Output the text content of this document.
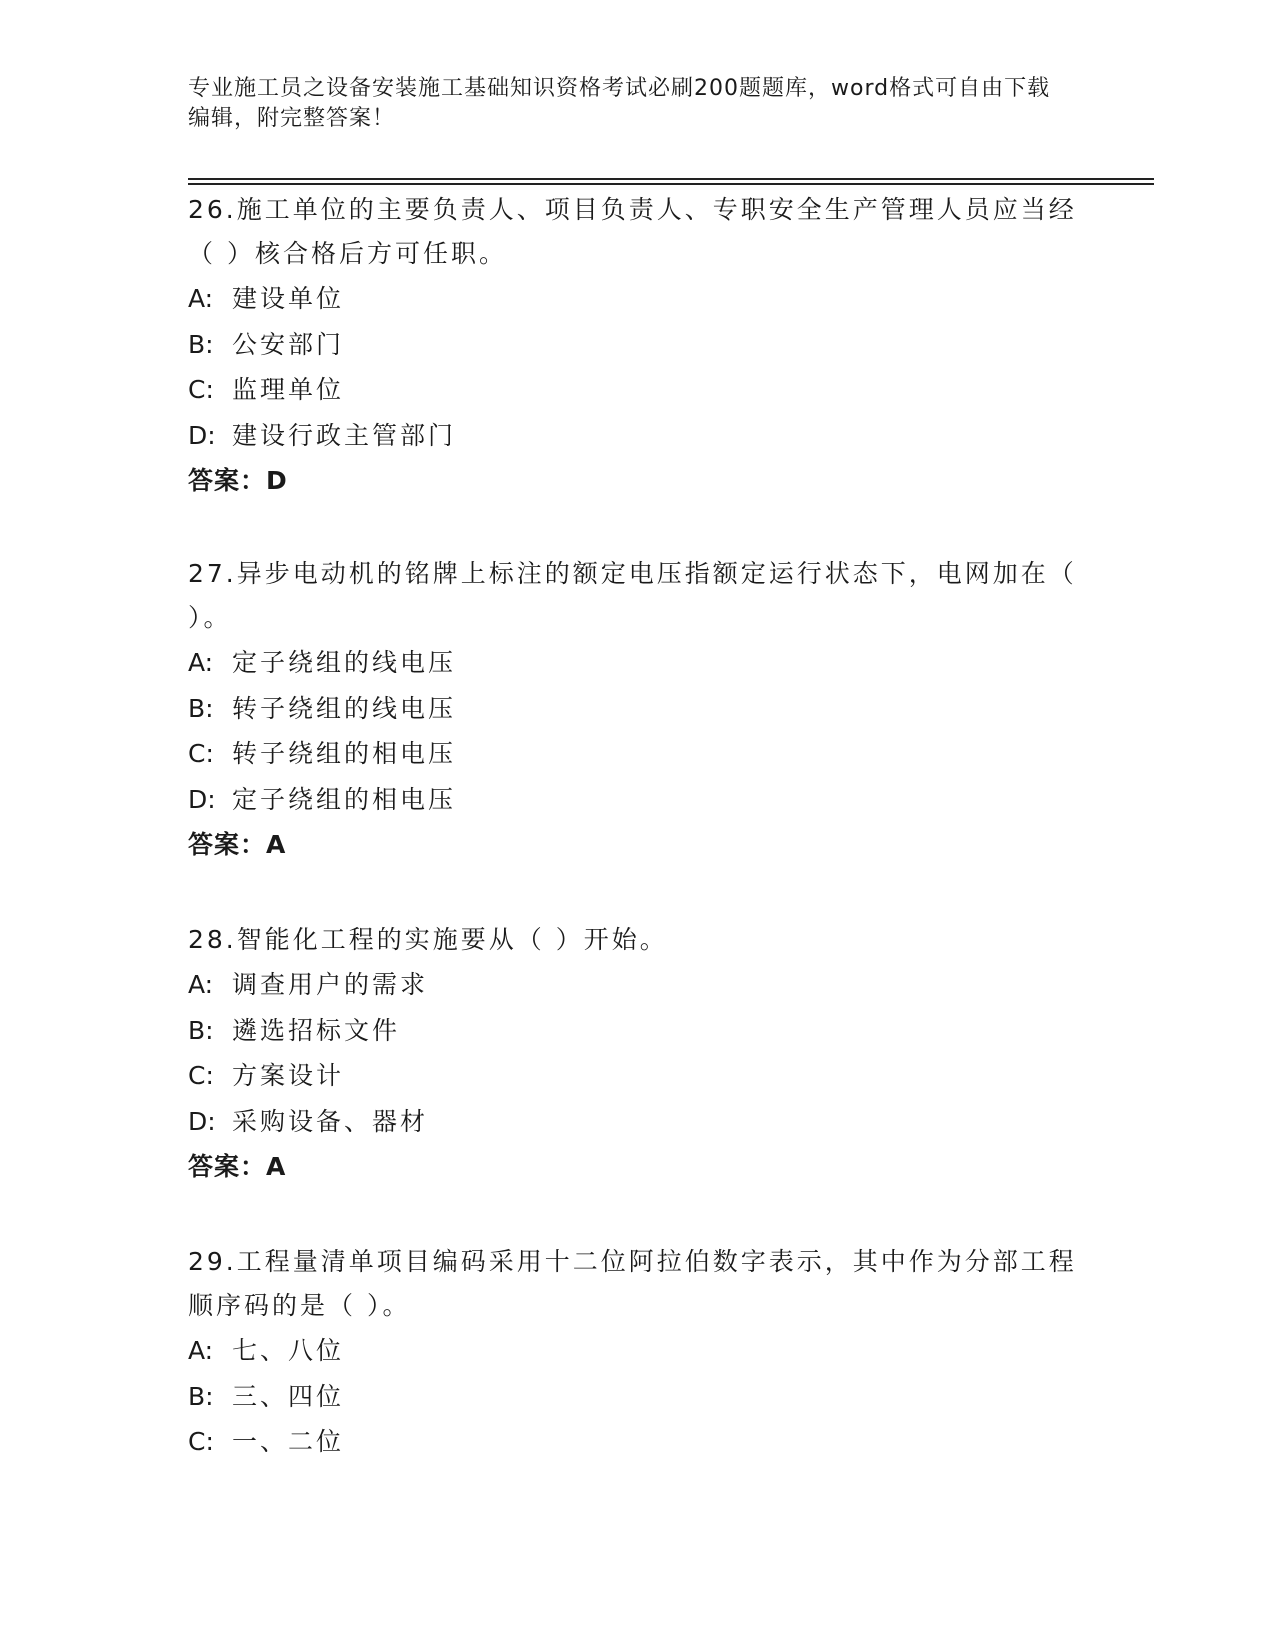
专业施工员之设备安装施工基础知识资格考试必刷200题题库，word格式可自由下载编辑，附完整答案！

26.施工单位的主要负责人、项目负责人、专职安全生产管理人员应当经（ ）核合格后方可任职。

A: 建设单位

B: 公安部门

C: 监理单位

D: 建设行政主管部门

答案：D

27.异步电动机的铭牌上标注的额定电压指额定运行状态下，电网加在（ ）。

A: 定子绕组的线电压

B: 转子绕组的线电压

C: 转子绕组的相电压

D: 定子绕组的相电压

答案：A

28.智能化工程的实施要从（ ）开始。

A: 调查用户的需求

B: 遴选招标文件

C: 方案设计

D: 采购设备、器材

答案：A

29.工程量清单项目编码采用十二位阿拉伯数字表示，其中作为分部工程顺序码的是（ ）。

A: 七、八位

B: 三、四位

C: 一、二位
